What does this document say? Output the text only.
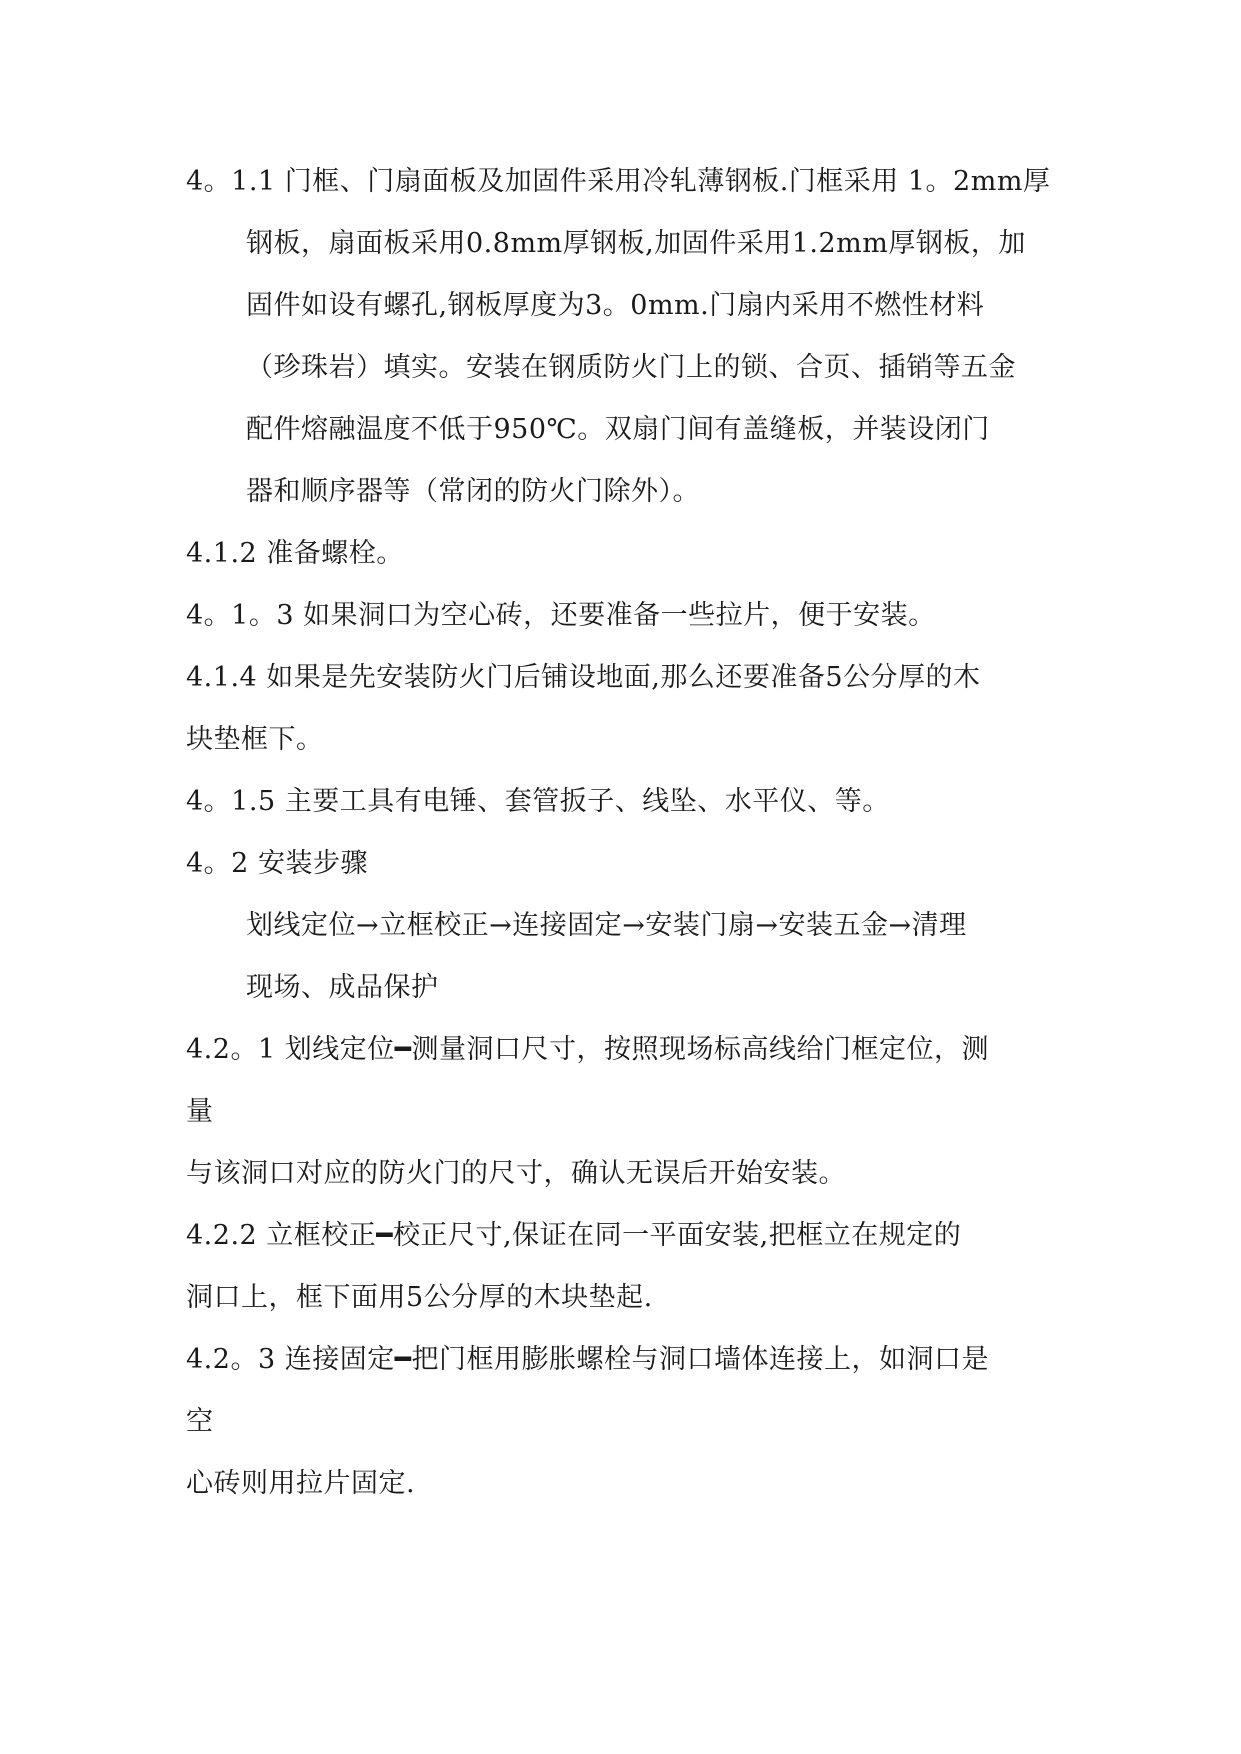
4。1.1 门框、门扇面板及加固件采用冷轧薄钢板.门框采用 1。2mm厚
钢板，扇面板采用0.8mm厚钢板,加固件采用1.2mm厚钢板，加
固件如设有螺孔,钢板厚度为3。0mm.门扇内采用不燃性材料
（珍珠岩）填实。安装在钢质防火门上的锁、合页、插销等五金
配件熔融温度不低于950℃。双扇门间有盖缝板，并装设闭门
器和顺序器等（常闭的防火门除外）。
4.1.2 准备螺栓。
4。1。3 如果洞口为空心砖，还要准备一些拉片，便于安装。
4.1.4 如果是先安装防火门后铺设地面,那么还要准备5公分厚的木
块垫框下。
4。1.5 主要工具有电锤、套管扳子、线坠、水平仪、等。
4。2 安装步骤
划线定位→立框校正→连接固定→安装门扇→安装五金→清理
现场、成品保护
4.2。1 划线定位━测量洞口尺寸，按照现场标高线给门框定位，测
量
与该洞口对应的防火门的尺寸，确认无误后开始安装。
4.2.2 立框校正━校正尺寸,保证在同一平面安装,把框立在规定的
洞口上，框下面用5公分厚的木块垫起.
4.2。3 连接固定━把门框用膨胀螺栓与洞口墙体连接上，如洞口是
空
心砖则用拉片固定.
